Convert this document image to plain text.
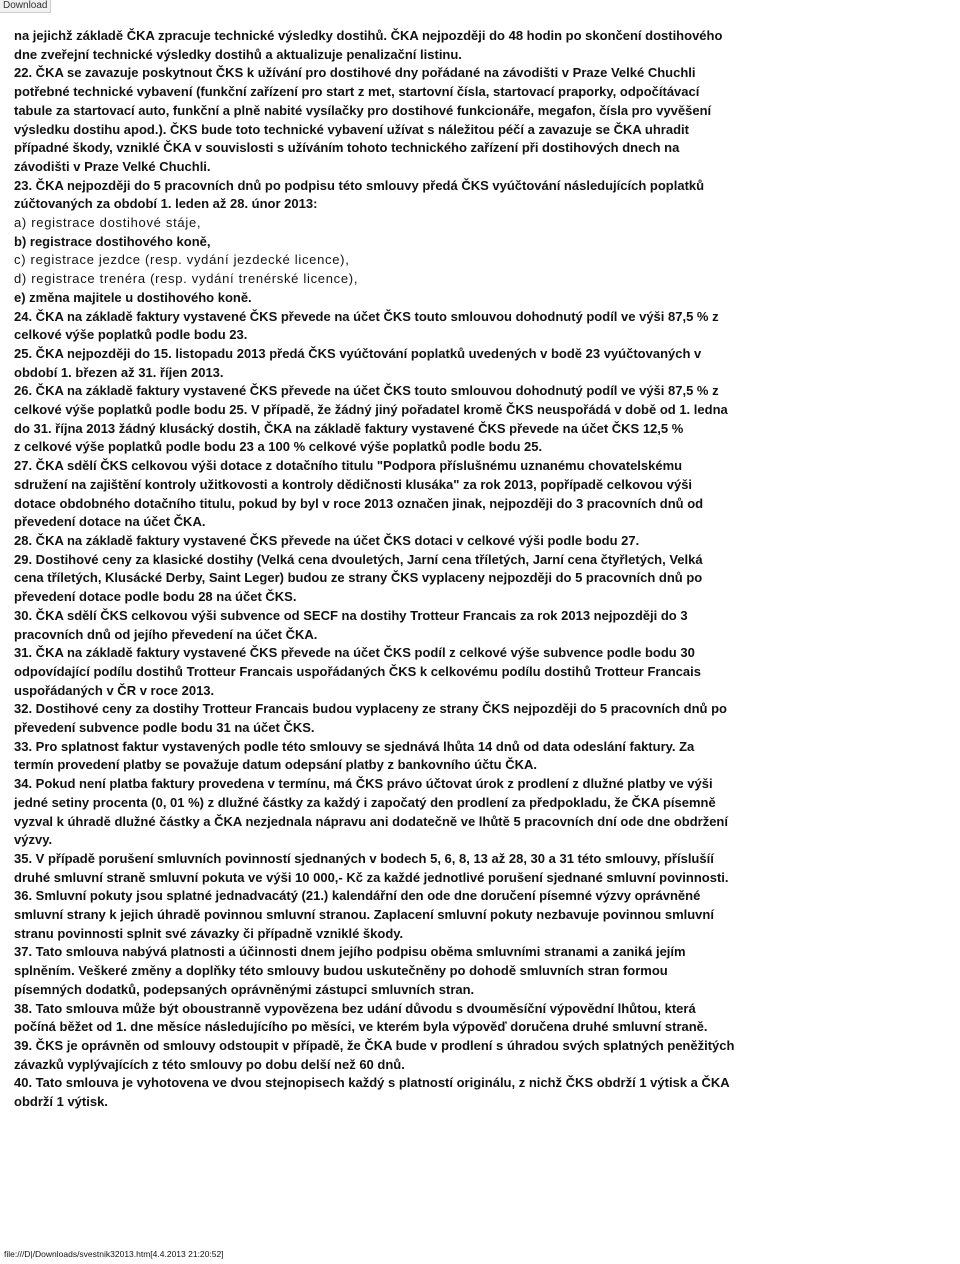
Download
na jejichž základě ČKA zpracuje technické výsledky dostihů. ČKA nejpozději do 48 hodin po skončení dostihového
dne zveřejní technické výsledky dostihů a aktualizuje penalizační listinu.
22. ČKA se zavazuje poskytnout ČKS k užívání pro dostihové dny pořádané na závodišti v Praze Velké Chuchli
potřebné technické vybavení (funkční zařízení pro start z met, startovní čísla, startovací praporky, odpočítávací
tabule za startovací auto, funkční a plně nabité vysílačky pro dostihové funkcionáře, megafon, čísla pro vyvěšení
výsledku dostihu apod.). ČKS bude toto technické vybavení užívat s náležitou péčí a zavazuje se ČKA uhradit
případné škody, vzniklé ČKA v souvislosti s užíváním tohoto technického zařízení při dostihových dnech na
závodišti v Praze Velké Chuchli.
23. ČKA nejpozději do 5 pracovních dnů po podpisu této smlouvy předá ČKS vyúčtování následujících poplatků
zúčtovaných za období 1. leden až 28. únor 2013:
a) registrace dostihové stáje,
b) registrace dostihového koně,
c) registrace jezdce (resp. vydání jezdecké licence),
d) registrace trenéra (resp. vydání trenérské licence),
e) změna majitele u dostihového koně.
24. ČKA na základě faktury vystavené ČKS převede na účet ČKS touto smlouvou dohodnutý podíl ve výši 87,5 % z
celkové výše poplatků podle bodu 23.
25. ČKA nejpozději do 15. listopadu 2013 předá ČKS vyúčtování poplatků uvedených v bodě 23 vyúčtovaných v
období 1. březen až 31. říjen 2013.
26. ČKA na základě faktury vystavené ČKS převede na účet ČKS touto smlouvou dohodnutý podíl ve výši 87,5 % z
celkové výše poplatků podle bodu 25. V případě, že žádný jiný pořadatel kromě ČKS neuspořádá v době od 1. ledna
do 31. října 2013 žádný klusácký dostih, ČKA na základě faktury vystavené ČKS převede na účet ČKS 12,5 %
z celkové výše poplatků podle bodu 23 a 100 % celkové výše poplatků podle bodu 25.
27. ČKA sdělí ČKS celkovou výši dotace z dotačního titulu "Podpora příslušnému uznanému chovatelskému
sdružení na zajištění kontroly užitkovosti a kontroly dědičnosti klusáka" za rok 2013, popřípadě celkovou výši
dotace obdobného dotačního titulu, pokud by byl v roce 2013 označen jinak, nejpozději do 3 pracovních dnů od
převedení dotace na účet ČKA.
28. ČKA na základě faktury vystavené ČKS převede na účet ČKS dotaci v celkové výši podle bodu 27.
29. Dostihové ceny za klasické dostihy (Velká cena dvouletých, Jarní cena tříletých, Jarní cena čtyřletých, Velká
cena tříletých, Klusácké Derby, Saint Leger) budou ze strany ČKS vyplaceny nejpozději do 5 pracovních dnů po
převedení dotace podle bodu 28 na účet ČKS.
30. ČKA sdělí ČKS celkovou výši subvence od SECF na dostihy Trotteur Francais za rok 2013 nejpozději do 3
pracovních dnů od jejího převedení na účet ČKA.
31. ČKA na základě faktury vystavené ČKS převede na účet ČKS podíl z celkové výše subvence podle bodu 30
odpovídající podílu dostihů Trotteur Francais uspořádaných ČKS k celkovému podílu dostihů Trotteur Francais
uspořádaných v ČR v roce 2013.
32. Dostihové ceny za dostihy Trotteur Francais budou vyplaceny ze strany ČKS nejpozději do 5 pracovních dnů po
převedení subvence podle bodu 31 na účet ČKS.
33. Pro splatnost faktur vystavených podle této smlouvy se sjednává lhůta 14 dnů od data odeslání faktury. Za
termín provedení platby se považuje datum odepsání platby z bankovního účtu ČKA.
34. Pokud není platba faktury provedena v termínu, má ČKS právo účtovat úrok z prodlení z dlužné platby ve výši
jedné setiny procenta (0, 01 %) z dlužné částky za každý i započatý den prodlení za předpokladu, že ČKA písemně
vyzval k úhradě dlužné částky a ČKA nezjednala nápravu ani dodatečně ve lhůtě 5 pracovních dní ode dne obdržení
výzvy.
35. V případě porušení smluvních povinností sjednaných v bodech 5, 6, 8, 13 až 28, 30 a 31 této smlouvy, příslušíí
druhé smluvní straně smluvní pokuta ve výši 10 000,- Kč za každé jednotlivé porušení sjednané smluvní povinnosti.
36. Smluvní pokuty jsou splatné jednadvacátý (21.) kalendářní den ode dne doručení písemné výzvy oprávněné
smluvní strany k jejich úhradě povinnou smluvní stranou. Zaplacení smluvní pokuty nezbavuje povinnou smluvní
stranu povinnosti splnit své závazky či případně vzniklé škody.
37. Tato smlouva nabývá platnosti a účinnosti dnem jejího podpisu oběma smluvními stranami a zaniká jejím
splněním. Veškeré změny a doplňky této smlouvy budou uskutečněny po dohodě smluvních stran formou
písemných dodatků, podepsaných oprávněnými zástupci smluvních stran.
38. Tato smlouva může být oboustranně vypovězena bez udání důvodu s dvouměsíční výpovědní lhůtou, která
počíná běžet od 1. dne měsíce následujícího po měsíci, ve kterém byla výpověď doručena druhé smluvní straně.
39. ČKS je oprávněn od smlouvy odstoupit v případě, že ČKA bude v prodlení s úhradou svých splatných peněžitých
závazků vyplývajících z této smlouvy po dobu delší než 60 dnů.
40. Tato smlouva je vyhotovena ve dvou stejnopisech každý s platností originálu, z nichž ČKS obdrží 1 výtisk a ČKA
obdrží 1 výtisk.
file:///D|/Downloads/svestnik32013.htm[4.4.2013 21:20:52]
